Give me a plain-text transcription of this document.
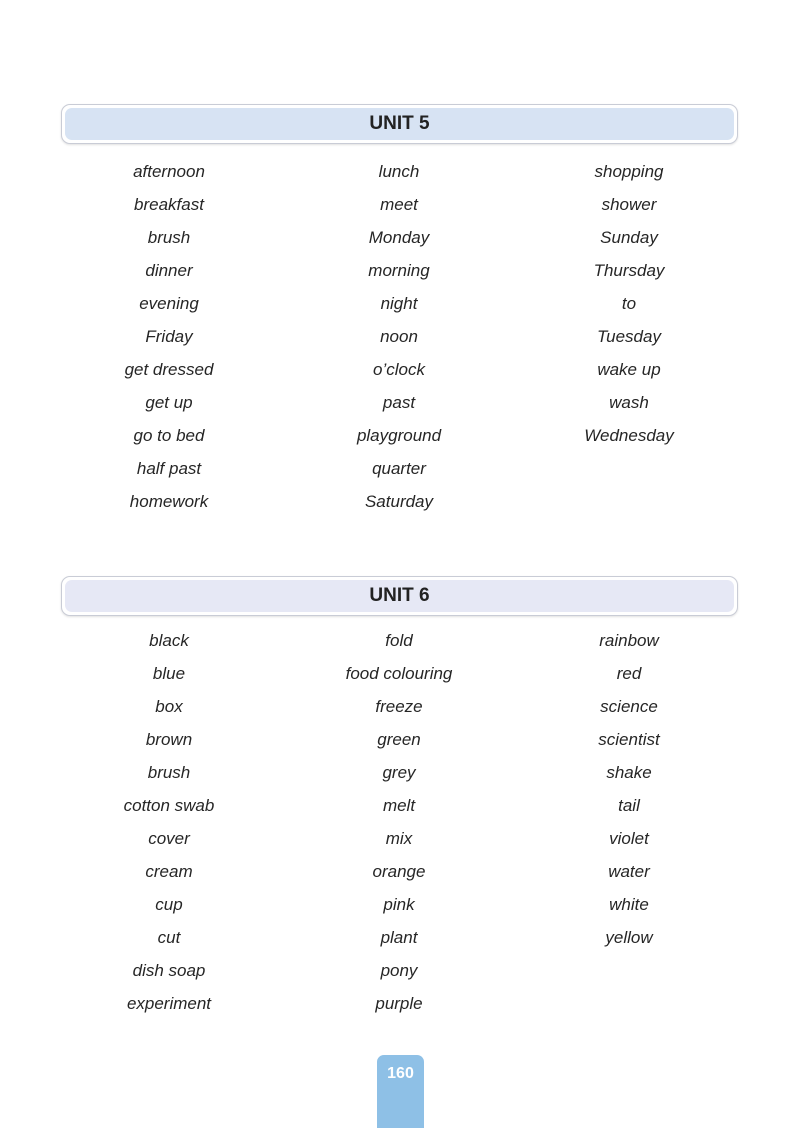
UNIT 5
afternoon
breakfast
brush
dinner
evening
Friday
get dressed
get up
go to bed
half past
homework
lunch
meet
Monday
morning
night
noon
o’clock
past
playground
quarter
Saturday
shopping
shower
Sunday
Thursday
to
Tuesday
wake up
wash
Wednesday
UNIT 6
black
blue
box
brown
brush
cotton swab
cover
cream
cup
cut
dish soap
experiment
fold
food colouring
freeze
green
grey
melt
mix
orange
pink
plant
pony
purple
rainbow
red
science
scientist
shake
tail
violet
water
white
yellow
160
